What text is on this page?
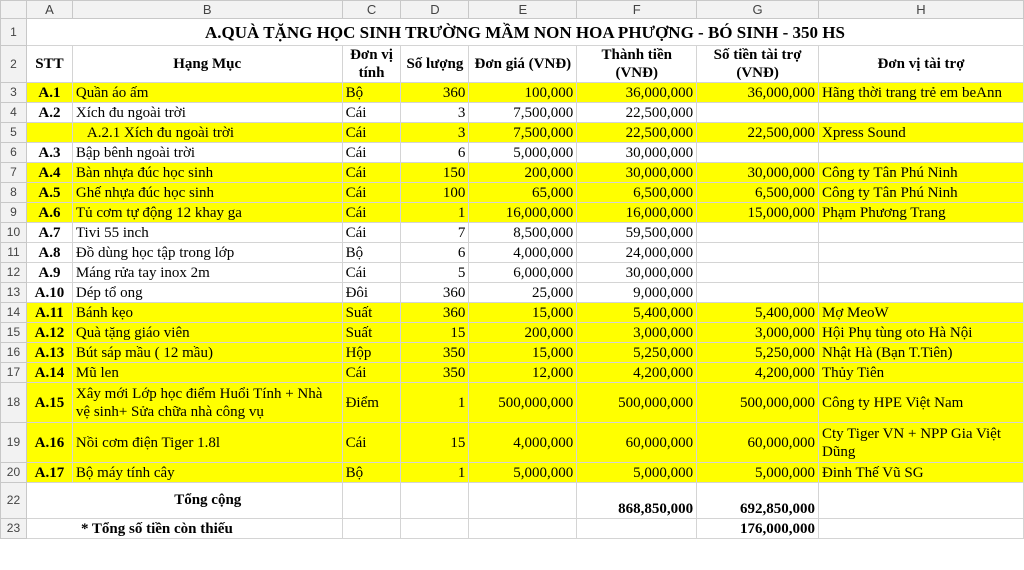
	A	B	C	D	E	F	G	H
1	A.QUÀ TẶNG HỌC SINH TRƯỜNG MẦM NON HOA PHƯỢNG - BÓ SINH - 350 HS							
2	STT	Hạng Mục	Đơn vị tính	Số lượng	Đơn giá (VNĐ)	Thành tiền (VNĐ)	Số tiền tài trợ (VNĐ)	Đơn vị tài trợ
3	A.1	Quần áo ấm	Bộ	360	100,000	36,000,000	36,000,000	Hãng thời trang trẻ em beAnn
4	A.2	Xích đu ngoài trời	Cái	3	7,500,000	22,500,000		
5		A.2.1 Xích đu ngoài trời	Cái	3	7,500,000	22,500,000	22,500,000	Xpress Sound
6	A.3	Bập bênh ngoài trời	Cái	6	5,000,000	30,000,000		
7	A.4	Bàn nhựa đúc học sinh	Cái	150	200,000	30,000,000	30,000,000	Công ty Tân Phú Ninh
8	A.5	Ghế nhựa đúc học sinh	Cái	100	65,000	6,500,000	6,500,000	Công ty Tân Phú Ninh
9	A.6	Tủ cơm tự động 12 khay ga	Cái	1	16,000,000	16,000,000	15,000,000	Phạm Phương Trang
10	A.7	Tivi 55 inch	Cái	7	8,500,000	59,500,000		
11	A.8	Đồ dùng học tập trong lớp	Bộ	6	4,000,000	24,000,000		
12	A.9	Máng rửa tay inox 2m	Cái	5	6,000,000	30,000,000		
13	A.10	Dép tổ ong	Đôi	360	25,000	9,000,000		
14	A.11	Bánh kẹo	Suất	360	15,000	5,400,000	5,400,000	Mợ MeoW
15	A.12	Quà tặng giáo viên	Suất	15	200,000	3,000,000	3,000,000	Hội Phụ tùng oto Hà Nội
16	A.13	Bút sáp mầu ( 12 mầu)	Hộp	350	15,000	5,250,000	5,250,000	Nhật Hà (Bạn T.Tiên)
17	A.14	Mũ len	Cái	350	12,000	4,200,000	4,200,000	Thủy Tiên
18	A.15	Xây mới Lớp học điểm Huổi Tính + Nhà vệ sinh+ Sửa chữa nhà công vụ	Điểm	1	500,000,000	500,000,000	500,000,000	Công ty HPE Việt Nam
19	A.16	Nồi cơm điện Tiger 1.8l	Cái	15	4,000,000	60,000,000	60,000,000	Cty Tiger VN + NPP Gia Việt Dũng
20	A.17	Bộ máy tính cây	Bộ	1	5,000,000	5,000,000	5,000,000	Đinh Thế Vũ SG
22	Tổng cộng					868,850,000	692,850,000	
23	* Tổng số tiền còn thiếu						176,000,000	
